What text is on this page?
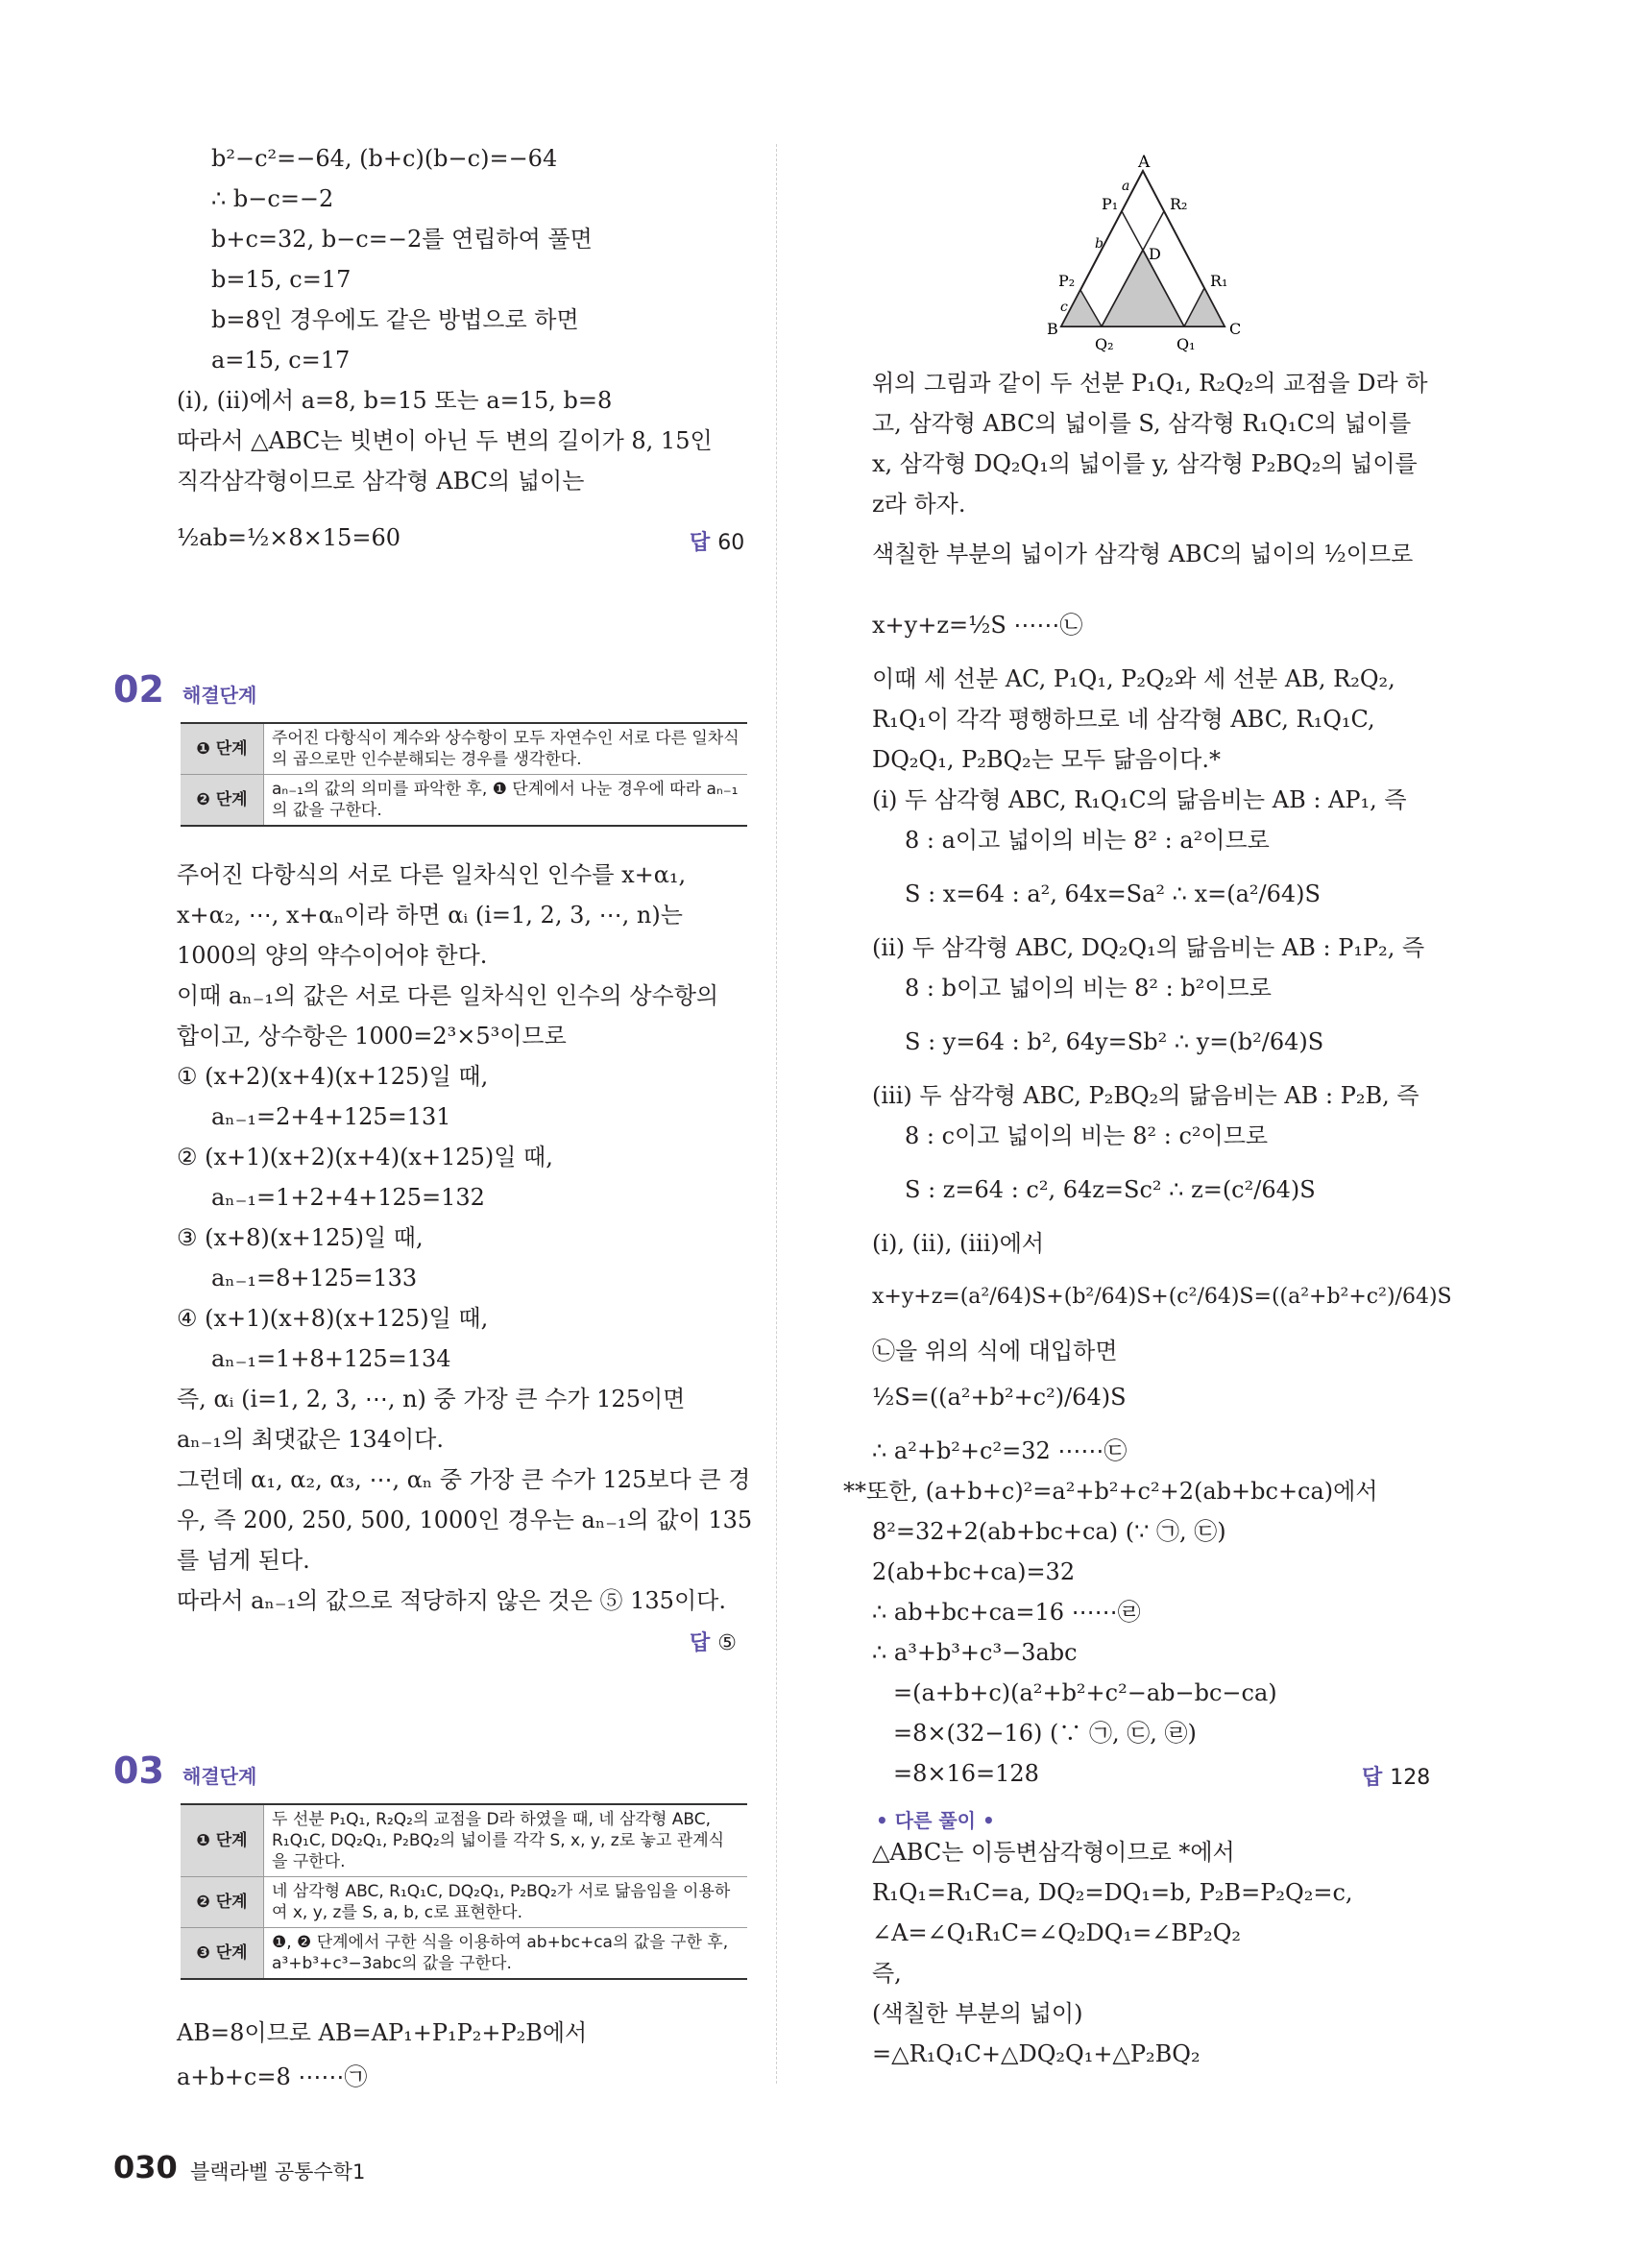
b²−c²=−64, (b+c)(b−c)=−64
∴ b−c=−2
b+c=32, b−c=−2를 연립하여 풀면
b=15, c=17
b=8인 경우에도 같은 방법으로 하면
a=15, c=17
(ⅰ), (ⅱ)에서 a=8, b=15 또는 a=15, b=8
따라서 △ABC는 빗변이 아닌 두 변의 길이가 8, 15인
직각삼각형이므로 삼각형 ABC의 넓이는
½ab=½×8×15=60	답 60
02 해결단계
❶ 단계	주어진 다항식이 계수와 상수항이 모두 자연수인 서로 다른 일차식의 곱으로만 인수분해되는 경우를 생각한다.
❷ 단계	aₙ₋₁의 값의 의미를 파악한 후, ❶ 단계에서 나눈 경우에 따라 aₙ₋₁의 값을 구한다.
주어진 다항식의 서로 다른 일차식인 인수를 x+α₁,
x+α₂, ⋯, x+αₙ이라 하면 αᵢ (i=1, 2, 3, ⋯, n)는
1000의 양의 약수이어야 한다.
이때 aₙ₋₁의 값은 서로 다른 일차식인 인수의 상수항의
합이고, 상수항은 1000=2³×5³이므로
① (x+2)(x+4)(x+125)일 때,
aₙ₋₁=2+4+125=131
② (x+1)(x+2)(x+4)(x+125)일 때,
aₙ₋₁=1+2+4+125=132
③ (x+8)(x+125)일 때,
aₙ₋₁=8+125=133
④ (x+1)(x+8)(x+125)일 때,
aₙ₋₁=1+8+125=134
즉, αᵢ (i=1, 2, 3, ⋯, n) 중 가장 큰 수가 125이면
aₙ₋₁의 최댓값은 134이다.
그런데 α₁, α₂, α₃, ⋯, αₙ 중 가장 큰 수가 125보다 큰 경
우, 즉 200, 250, 500, 1000인 경우는 aₙ₋₁의 값이 135
를 넘게 된다.
따라서 aₙ₋₁의 값으로 적당하지 않은 것은 ⑤ 135이다.
답 ⑤
03 해결단계
❶ 단계	두 선분 P₁Q₁, R₂Q₂의 교점을 D라 하였을 때, 네 삼각형 ABC, R₁Q₁C, DQ₂Q₁, P₂BQ₂의 넓이를 각각 S, x, y, z로 놓고 관계식을 구한다.
❷ 단계	네 삼각형 ABC, R₁Q₁C, DQ₂Q₁, P₂BQ₂가 서로 닮음임을 이용하여 x, y, z를 S, a, b, c로 표현한다.
❸ 단계	❶, ❷ 단계에서 구한 식을 이용하여 ab+bc+ca의 값을 구한 후, a³+b³+c³−3abc의 값을 구한다.
AB=8이므로 AB=AP₁+P₁P₂+P₂B에서
a+b+c=8 ⋯⋯㉠
A
P₁	R₂
a
b
D
P₂	R₁
c
B
Q₂	Q₁
C
위의 그림과 같이 두 선분 P₁Q₁, R₂Q₂의 교점을 D라 하
고, 삼각형 ABC의 넓이를 S, 삼각형 R₁Q₁C의 넓이를
x, 삼각형 DQ₂Q₁의 넓이를 y, 삼각형 P₂BQ₂의 넓이를
z라 하자.
색칠한 부분의 넓이가 삼각형 ABC의 넓이의 ½이므로
x+y+z=½S ⋯⋯㉡
이때 세 선분 AC, P₁Q₁, P₂Q₂와 세 선분 AB, R₂Q₂,
R₁Q₁이 각각 평행하므로 네 삼각형 ABC, R₁Q₁C,
DQ₂Q₁, P₂BQ₂는 모두 닮음이다.*
(ⅰ) 두 삼각형 ABC, R₁Q₁C의 닮음비는 AB : AP₁, 즉
8 : a이고 넓이의 비는 8² : a²이므로
S : x=64 : a², 64x=Sa² ∴ x=(a²/64)S
(ⅱ) 두 삼각형 ABC, DQ₂Q₁의 닮음비는 AB : P₁P₂, 즉
8 : b이고 넓이의 비는 8² : b²이므로
S : y=64 : b², 64y=Sb² ∴ y=(b²/64)S
(ⅲ) 두 삼각형 ABC, P₂BQ₂의 닮음비는 AB : P₂B, 즉
8 : c이고 넓이의 비는 8² : c²이므로
S : z=64 : c², 64z=Sc² ∴ z=(c²/64)S
(ⅰ), (ⅱ), (ⅲ)에서
x+y+z=(a²/64)S+(b²/64)S+(c²/64)S=((a²+b²+c²)/64)S
㉡을 위의 식에 대입하면
½S=((a²+b²+c²)/64)S
∴ a²+b²+c²=32 ⋯⋯㉢
**또한, (a+b+c)²=a²+b²+c²+2(ab+bc+ca)에서
8²=32+2(ab+bc+ca) (∵ ㉠, ㉢)
2(ab+bc+ca)=32
∴ ab+bc+ca=16 ⋯⋯㉣
∴ a³+b³+c³−3abc
=(a+b+c)(a²+b²+c²−ab−bc−ca)
=8×(32−16) (∵ ㉠, ㉢, ㉣)
=8×16=128	답 128
• 다른 풀이 •
△ABC는 이등변삼각형이므로 *에서
R₁Q₁=R₁C=a, DQ₂=DQ₁=b, P₂B=P₂Q₂=c,
∠A=∠Q₁R₁C=∠Q₂DQ₁=∠BP₂Q₂
즉,
(색칠한 부분의 넓이)
=△R₁Q₁C+△DQ₂Q₁+△P₂BQ₂
030 블랙라벨 공통수학1
